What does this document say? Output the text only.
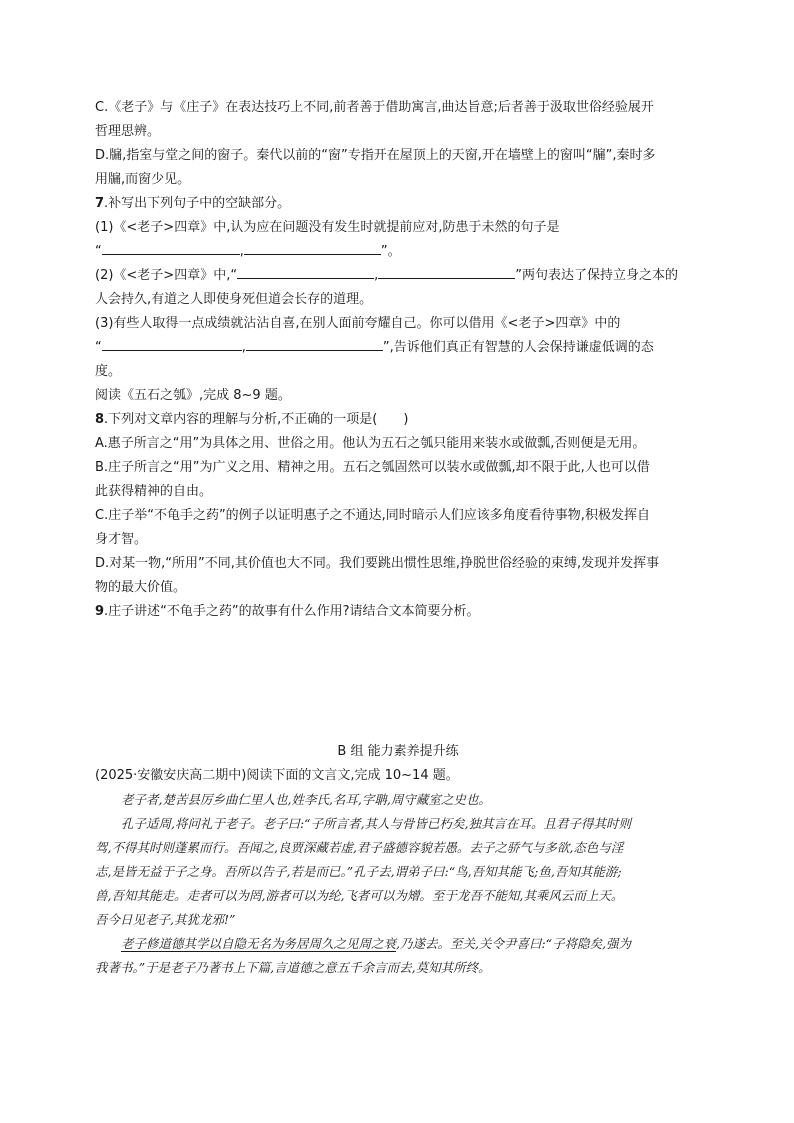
C.《老子》与《庄子》在表达技巧上不同,前者善于借助寓言,曲达旨意;后者善于汲取世俗经验展开

哲理思辨。

D.牖,指室与堂之间的窗子。秦代以前的“窗”专指开在屋顶上的天窗,开在墙壁上的窗叫“牖”,秦时多

用牖,而窗少见。

7.补写出下列句子中的空缺部分。

(1)《<老子>四章》中,认为应在问题没有发生时就提前应对,防患于未然的句子是

“	,	”。

(2)《<老子>四章》中,“	,	”两句表达了保持立身之本的

人会持久,有道之人即使身死但道会长存的道理。

(3)有些人取得一点成绩就沾沾自喜,在别人面前夸耀自己。你可以借用《<老子>四章》中的

“	,	”,告诉他们真正有智慧的人会保持谦虚低调的态

度。

阅读《五石之瓠》,完成 8~9 题。

8.下列对文章内容的理解与分析,不正确的一项是(　　)

A.惠子所言之“用”为具体之用、世俗之用。他认为五石之瓠只能用来装水或做瓢,否则便是无用。

B.庄子所言之“用”为广义之用、精神之用。五石之瓠固然可以装水或做瓢,却不限于此,人也可以借

此获得精神的自由。

C.庄子举“不龟手之药”的例子以证明惠子之不通达,同时暗示人们应该多角度看待事物,积极发挥自

身才智。

D.对某一物,“所用”不同,其价值也大不同。我们要跳出惯性思维,挣脱世俗经验的束缚,发现并发挥事

物的最大价值。

9.庄子讲述“不龟手之药”的故事有什么作用?请结合文本简要分析。

B 组 能力素养提升练

(2025·安徽安庆高二期中)阅读下面的文言文,完成 10~14 题。

老子者,楚苦县厉乡曲仁里人也,姓李氏,名耳,字聃,周守藏室之史也。

孔子适周,将问礼于老子。老子曰:“子所言者,其人与骨皆已朽矣,独其言在耳。且君子得其时则

驾,不得其时则蓬累而行。吾闻之,良贾深藏若虚,君子盛德容貌若愚。去子之骄气与多欲,态色与淫

志,是皆无益于子之身。吾所以告子,若是而已。”孔子去,谓弟子曰:“鸟,吾知其能飞;鱼,吾知其能游;

兽,吾知其能走。走者可以为罔,游者可以为纶,飞者可以为矰。至于龙吾不能知,其乘风云而上天。

吾今日见老子,其犹龙邪!”

老子修道德其学以自隐无名为务居周久之见周之衰,乃遂去。至关,关令尹喜曰:“子将隐矣,强为

我著书。”于是老子乃著书上下篇,言道德之意五千余言而去,莫知其所终。
